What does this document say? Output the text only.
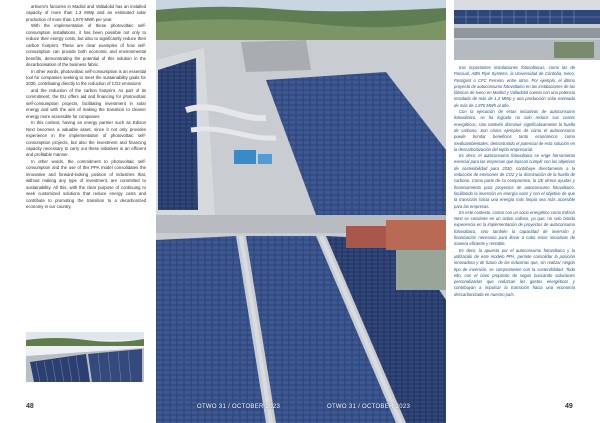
artivero's factories in Madrid and Valladolid has an installed capacity of more than 1.3 MWp and an estimated solar production of more than 1,870 MWh per year.

With the implementation of these photovoltaic self-consumption installations, it has been possible not only to reduce their energy costs, but also to significantly reduce their carbon footprint. These are clear examples of how self-consumption can provide both economic and environmental benefits, demonstrating the potential of this solution in the decarbonisation of the business fabric.

In other words, photovoltaic self-consumption is an essential tool for companies seeking to meet the sustainability goals for 2030, contributing directly to the reduction of CO2 emissions

and the reduction of the carbon footprint. As part of its commitment, the EU offers aid and financing for photovoltaic self-consumption projects, facilitating investment in solar energy and with the aim of making the transition to cleaner energy more accessible for companies

In this context, having an energy partner such as Edison Next becomes a valuable asset, since it not only provides experience in the implementation of photovoltaic self-consumption projects, but also the investment and financing capacity necessary to carry out these initiatives in an efficient and profitable manner.

In other words, the commitment to photovoltaic self-consumption and the use of this PPA model consolidates the innovative and forward-looking position of industries that, without making any type of investment, are committed to sustainability. All this, with the clear purpose of continuing to seek customized solutions that reduce energy costs and contribute to promoting the transition to a decarbonized economy in our country.

tras importantes instalaciones fotovoltaicas, como las de Pascual, ABN Pipe Systems, la Universidad de Córdoba, Iveco, Postigost o CFC Ferreiro, entre otros. Por ejemplo, el último proyecto de autoconsumo fotovoltaico en las instalaciones de las fábricas de Iveco en Madrid y Valladolid cuenta con una potencia instalada de más de 1,3 MWp y una producción solar estimada de más de 1.870 MWh al año.

Con la ejecución de estas iniciativas de autoconsumo fotovoltaico, se ha logrado no solo reducir sus costes energéticos, sino también disminuir significativamente la huella de carbono. Son claros ejemplos de cómo el autoconsumo puede brindar beneficios tanto económicos como medioambientales, demostrando el potencial de esta solución en la descarbonización del tejido empresarial.

Es decir, el autoconsumo fotovoltaico se erige herramienta esencial para las empresas que buscan cumplir con los objetivos de sostenibilidad para 2030, contribuye directamente a la reducción de emisiones de CO2 y la disminución de la huella de carbono. Como parte de su compromiso, la UE ofrece ayudas y financiamiento para proyectos de autoconsumo fotovoltaico, facilitando la inversión en energía solar y con el objetivo de que la transición hacia una energía más limpia sea más accesible para las empresas.

En este contexto, contar con un socio energético como Edison Next se convierte en un activo valioso, ya que, no solo brinda experiencia en la implementación de proyectos de autoconsumo fotovoltaico, sino también la capacidad de inversión y financiación necesaria para llevar a cabo estas iniciativas de manera eficiente y rentable.

Es decir, la apuesta por el autoconsumo fotovoltaico y la utilización de este modelo PPA, permite consolidar la posición innovadora y de futuro de las industrias que, sin realizar ningún tipo de inversión, se comprometen con la sostenibilidad. Todo ello, con el claro propósito de seguir buscando soluciones personalizadas que reduzcan los gastos energéticos y contribuyan a impulsar la transición hacia una economía descarbonizada en nuestro país.

48	OTWO 31 / OCTOBER 2023	OTWO 31 / OCTOBER 2023	49
